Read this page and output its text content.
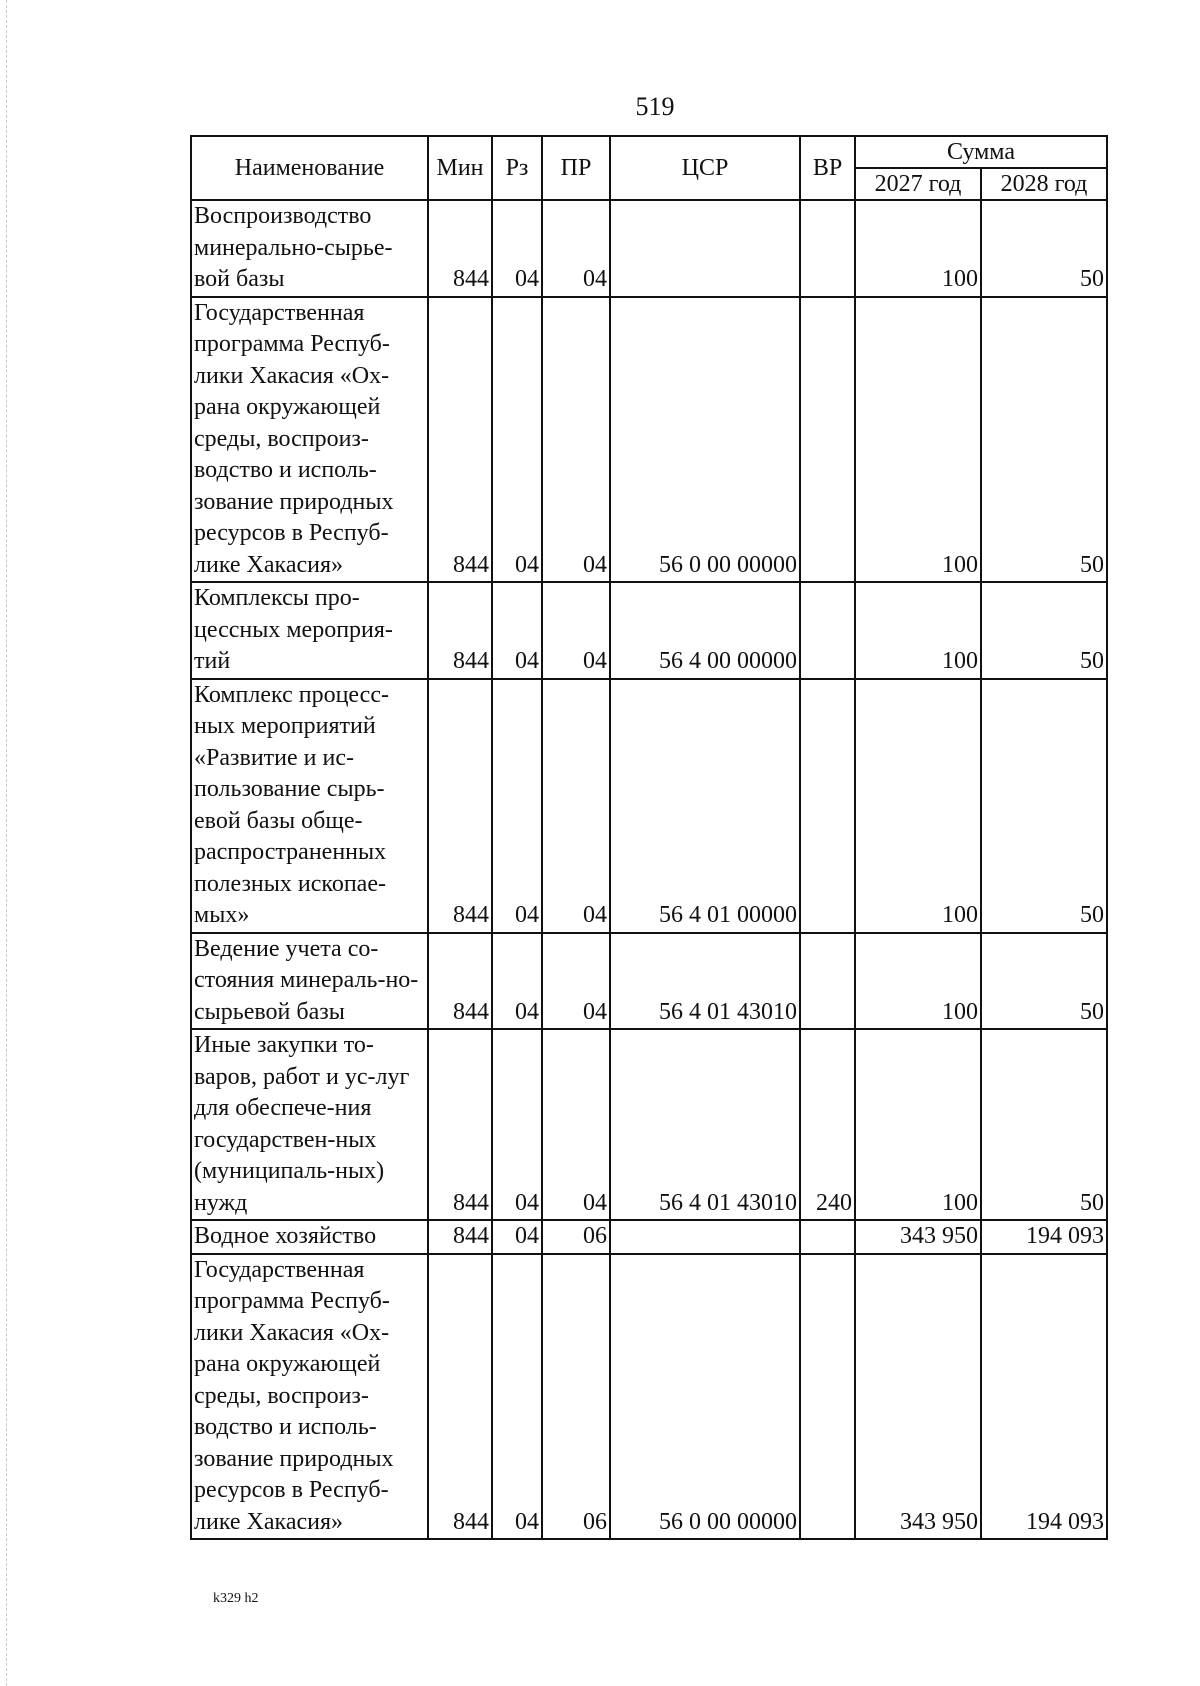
519
Наименование	Мин	Рз	ПР	ЦСР	ВР	Сумма	
						2027 год	2028 год
Воспроизводство минерально-сырье-вой базы	844	04	04			100	50
Государственная программа Респуб-лики Хакасия «Ох-рана окружающей среды, воспроиз-водство и исполь-зование природных ресурсов в Респуб-лике Хакасия»	844	04	04	56 0 00 00000		100	50
Комплексы про-цессных мероприя-тий	844	04	04	56 4 00 00000		100	50
Комплекс процесс-ных мероприятий «Развитие и ис-пользование сырь-евой базы обще-распространенных полезных ископае-мых»	844	04	04	56 4 01 00000		100	50
Ведение учета со-стояния минераль-но-сырьевой базы	844	04	04	56 4 01 43010		100	50
Иные закупки то-варов, работ и ус-луг для обеспече-ния государствен-ных (муниципаль-ных) нужд	844	04	04	56 4 01 43010	240	100	50
Водное хозяйство	844	04	06			343 950	194 093
Государственная программа Респуб-лики Хакасия «Ох-рана окружающей среды, воспроиз-водство и исполь-зование природных ресурсов в Респуб-лике Хакасия»	844	04	06	56 0 00 00000		343 950	194 093
k329 h2
